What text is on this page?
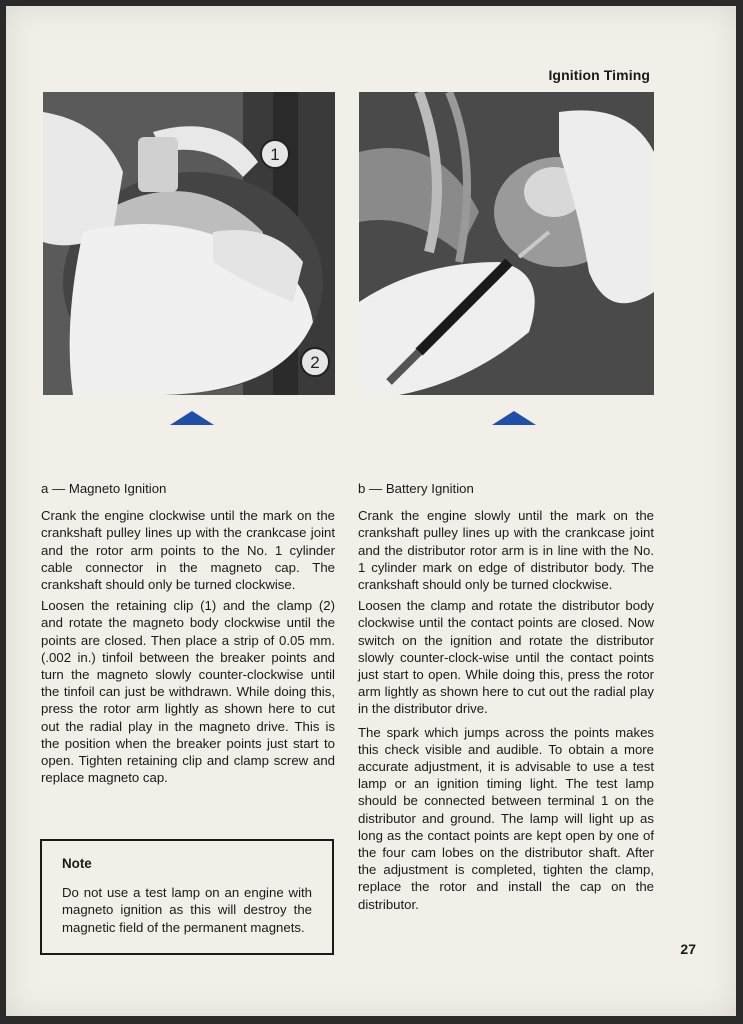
Ignition Timing
1
2
a — Magneto Ignition

Crank the engine clockwise until the mark on the crankshaft pulley lines up with the crankcase joint and the rotor arm points to the No. 1 cylinder cable connector in the magneto cap. The crankshaft should only be turned clockwise.

Loosen the retaining clip (1) and the clamp (2) and rotate the magneto body clockwise until the points are closed. Then place a strip of 0.05 mm. (.002 in.) tinfoil between the breaker points and turn the magneto slowly counter-clockwise until the tinfoil can just be withdrawn. While doing this, press the rotor arm lightly as shown here to cut out the radial play in the magneto drive. This is the position when the breaker points just start to open. Tighten retaining clip and clamp screw and replace magneto cap.

Note

Do not use a test lamp on an engine with magneto ignition as this will destroy the magnetic field of the permanent magnets.

b — Battery Ignition

Crank the engine slowly until the mark on the crankshaft pulley lines up with the crankcase joint and the distributor rotor arm is in line with the No. 1 cylinder mark on edge of distributor body. The crankshaft should only be turned clockwise.

Loosen the clamp and rotate the distributor body clockwise until the contact points are closed. Now switch on the ignition and rotate the distributor slowly counter-clock-wise until the contact points just start to open. While doing this, press the rotor arm lightly as shown here to cut out the radial play in the distributor drive.

The spark which jumps across the points makes this check visible and audible. To obtain a more accurate adjustment, it is advisable to use a test lamp or an ignition timing light. The test lamp should be connected between terminal 1 on the distributor and ground. The lamp will light up as long as the contact points are kept open by one of the four cam lobes on the distributor shaft. After the adjustment is completed, tighten the clamp, replace the rotor and install the cap on the distributor.

27
